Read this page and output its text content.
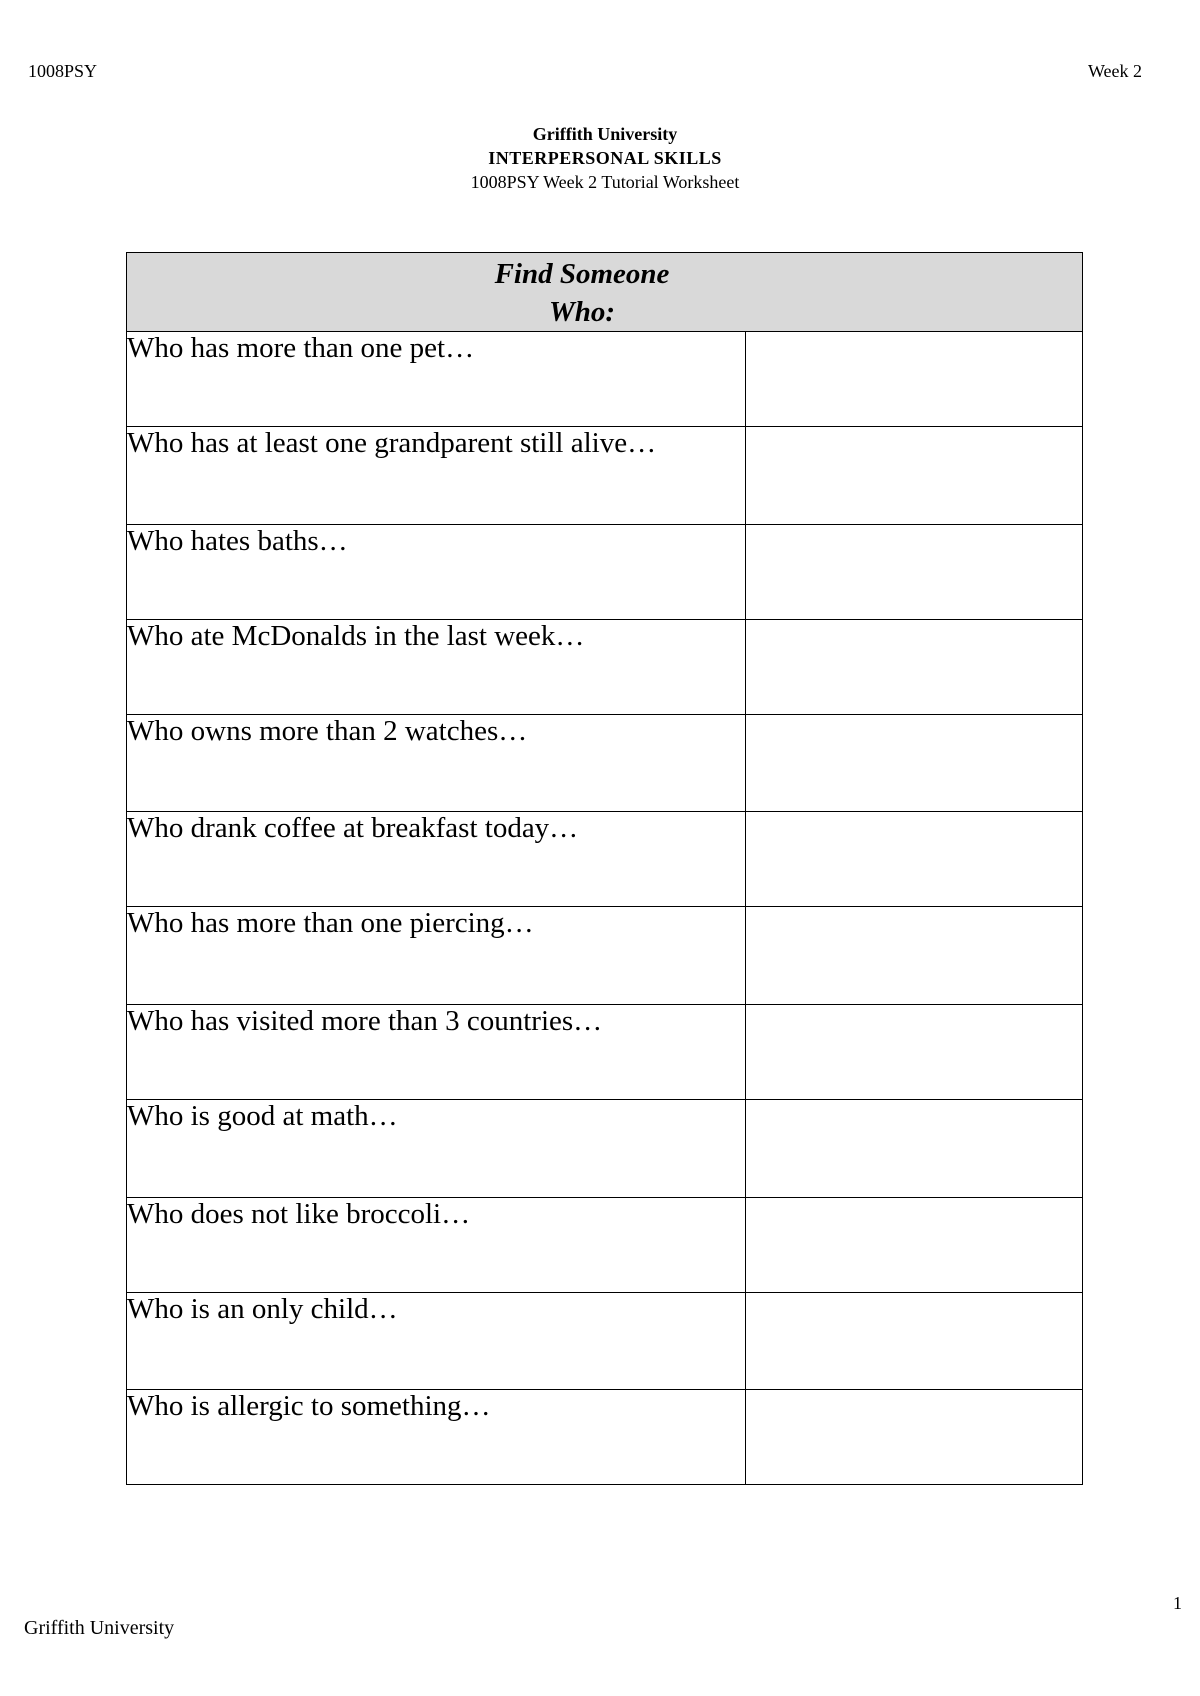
1008PSY	Week 2
Griffith University
INTERPERSONAL SKILLS
1008PSY Week 2 Tutorial Worksheet
Find Someone
Who:	

Who has more than one pet…	
Who has at least one grandparent still alive…	
Who hates baths…	
Who ate McDonalds in the last week…	
Who owns more than 2 watches…	
Who drank coffee at breakfast today…	
Who has more than one piercing…	
Who has visited more than 3 countries…	
Who is good at math…	
Who does not like broccoli…	
Who is an only child…	
Who is allergic to something…	
1
Griffith University
